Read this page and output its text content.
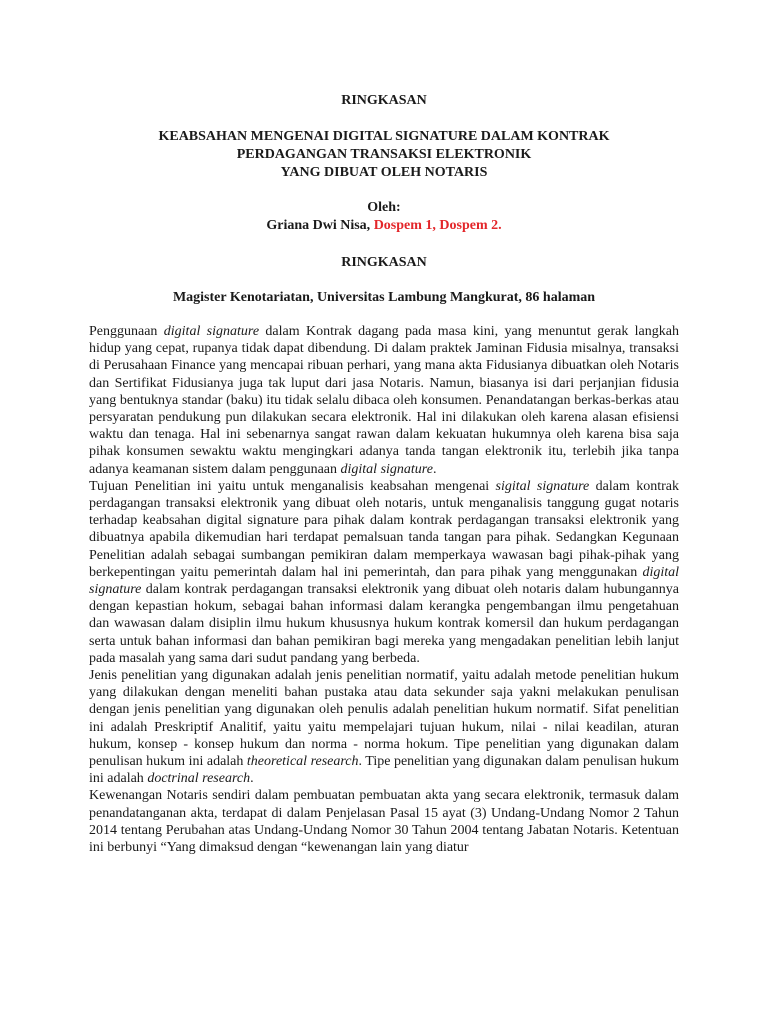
RINGKASAN
KEABSAHAN MENGENAI DIGITAL SIGNATURE DALAM KONTRAK
PERDAGANGAN TRANSAKSI ELEKTRONIK
YANG DIBUAT OLEH NOTARIS
Oleh:
Griana Dwi Nisa, Dospem 1, Dospem 2.
RINGKASAN
Magister Kenotariatan, Universitas Lambung Mangkurat, 86 halaman

Penggunaan digital signature dalam Kontrak dagang pada masa kini, yang menuntut gerak langkah hidup yang cepat, rupanya tidak dapat dibendung. Di dalam praktek Jaminan Fidusia misalnya, transaksi di Perusahaan Finance yang mencapai ribuan perhari, yang mana akta Fidusianya dibuatkan oleh Notaris dan Sertifikat Fidusianya juga tak luput dari jasa Notaris. Namun, biasanya isi dari perjanjian fidusia yang bentuknya standar (baku) itu tidak selalu dibaca oleh konsumen. Penandatangan berkas-berkas atau persyaratan pendukung pun dilakukan secara elektronik. Hal ini dilakukan oleh karena alasan efisiensi waktu dan tenaga. Hal ini sebenarnya sangat rawan dalam kekuatan hukumnya oleh karena bisa saja pihak konsumen sewaktu waktu mengingkari adanya tanda tangan elektronik itu, terlebih jika tanpa adanya keamanan sistem dalam penggunaan digital signature.

Tujuan Penelitian ini yaitu untuk menganalisis keabsahan mengenai sigital signature dalam kontrak perdagangan transaksi elektronik yang dibuat oleh notaris, untuk menganalisis tanggung gugat notaris terhadap keabsahan digital signature para pihak dalam kontrak perdagangan transaksi elektronik yang dibuatnya apabila dikemudian hari terdapat pemalsuan tanda tangan para pihak. Sedangkan Kegunaan Penelitian adalah sebagai sumbangan pemikiran dalam memperkaya wawasan bagi pihak-pihak yang berkepentingan yaitu pemerintah dalam hal ini pemerintah, dan para pihak yang menggunakan digital signature dalam kontrak perdagangan transaksi elektronik yang dibuat oleh notaris dalam hubungannya dengan kepastian hokum, sebagai bahan informasi dalam kerangka pengembangan ilmu pengetahuan dan wawasan dalam disiplin ilmu hukum khususnya hukum kontrak komersil dan hukum perdagangan serta untuk bahan informasi dan bahan pemikiran bagi mereka yang mengadakan penelitian lebih lanjut pada masalah yang sama dari sudut pandang yang berbeda.

Jenis penelitian yang digunakan adalah jenis penelitian normatif, yaitu adalah metode penelitian hukum yang dilakukan dengan meneliti bahan pustaka atau data sekunder saja yakni melakukan penulisan dengan jenis penelitian yang digunakan oleh penulis adalah penelitian hukum normatif. Sifat penelitian ini adalah Preskriptif Analitif, yaitu yaitu mempelajari tujuan hukum, nilai - nilai keadilan, aturan hukum, konsep - konsep hukum dan norma - norma hokum. Tipe penelitian yang digunakan dalam penulisan hukum ini adalah theoretical research. Tipe penelitian yang digunakan dalam penulisan hukum ini adalah doctrinal research.

Kewenangan Notaris sendiri dalam pembuatan pembuatan akta yang secara elektronik, termasuk dalam penandatanganan akta, terdapat di dalam Penjelasan Pasal 15 ayat (3) Undang-Undang Nomor 2 Tahun 2014 tentang Perubahan atas Undang-Undang Nomor 30 Tahun 2004 tentang Jabatan Notaris. Ketentuan ini berbunyi “Yang dimaksud dengan “kewenangan lain yang diatur
